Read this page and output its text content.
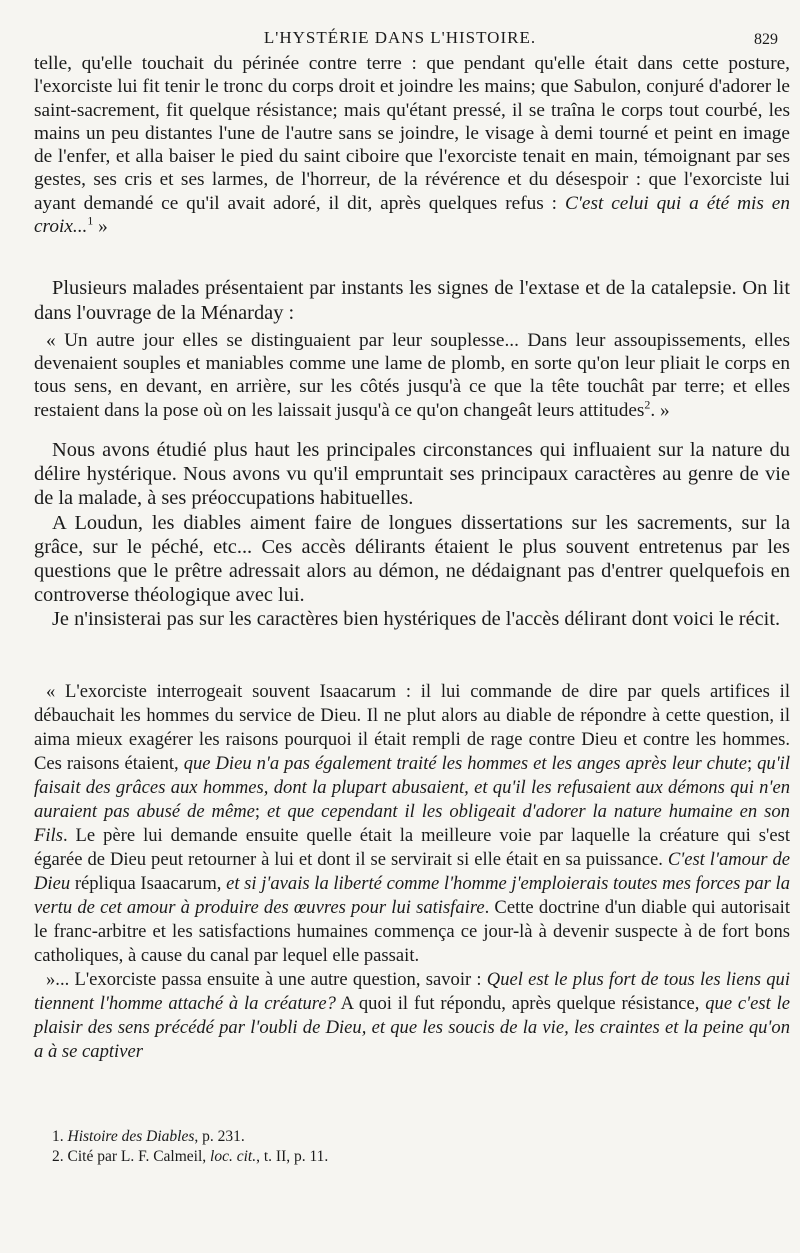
L'HYSTÉRIE DANS L'HISTOIRE.	829

telle, qu'elle touchait du périnée contre terre : que pendant qu'elle était dans cette posture, l'exorciste lui fit tenir le tronc du corps droit et joindre les mains; que Sabulon, conjuré d'adorer le saint-sacrement, fit quelque résistance; mais qu'étant pressé, il se traîna le corps tout courbé, les mains un peu distantes l'une de l'autre sans se joindre, le visage à demi tourné et peint en image de l'enfer, et alla baiser le pied du saint ciboire que l'exorciste tenait en main, témoignant par ses gestes, ses cris et ses larmes, de l'horreur, de la révérence et du désespoir : que l'exorciste lui ayant demandé ce qu'il avait adoré, il dit, après quelques refus : C'est celui qui a été mis en croix...$^1$ »

Plusieurs malades présentaient par instants les signes de l'extase et de la catalepsie. On lit dans l'ouvrage de la Ménarday :

« Un autre jour elles se distinguaient par leur souplesse... Dans leur assoupissements, elles devenaient souples et maniables comme une lame de plomb, en sorte qu'on leur pliait le corps en tous sens, en devant, en arrière, sur les côtés jusqu'à ce que la tête touchât par terre; et elles restaient dans la pose où on les laissait jusqu'à ce qu'on changeât leurs attitudes$^2$. »

Nous avons étudié plus haut les principales circonstances qui influaient sur la nature du délire hystérique. Nous avons vu qu'il empruntait ses principaux caractères au genre de vie de la malade, à ses préoccupations habituelles.

A Loudun, les diables aiment faire de longues dissertations sur les sacrements, sur la grâce, sur le péché, etc... Ces accès délirants étaient le plus souvent entretenus par les questions que le prêtre adressait alors au démon, ne dédaignant pas d'entrer quelquefois en controverse théologique avec lui.

Je n'insisterai pas sur les caractères bien hystériques de l'accès délirant dont voici le récit.

« L'exorciste interrogeait souvent Isaacarum : il lui commande de dire par quels artifices il débauchait les hommes du service de Dieu. Il ne plut alors au diable de répondre à cette question, il aima mieux exagérer les raisons pourquoi il était rempli de rage contre Dieu et contre les hommes. Ces raisons étaient, que Dieu n'a pas également traité les hommes et les anges après leur chute; qu'il faisait des grâces aux hommes, dont la plupart abusaient, et qu'il les refusaient aux démons qui n'en auraient pas abusé de même; et que cependant il les obligeait d'adorer la nature humaine en son Fils. Le père lui demande ensuite quelle était la meilleure voie par laquelle la créature qui s'est égarée de Dieu peut retourner à lui et dont il se servirait si elle était en sa puissance. C'est l'amour de Dieu répliqua Isaacarum, et si j'avais la liberté comme l'homme j'emploierais toutes mes forces par la vertu de cet amour à produire des œuvres pour lui satisfaire. Cette doctrine d'un diable qui autorisait le franc-arbitre et les satisfactions humaines commença ce jour-là à devenir suspecte à de fort bons catholiques, à cause du canal par lequel elle passait.

»... L'exorciste passa ensuite à une autre question, savoir : Quel est le plus fort de tous les liens qui tiennent l'homme attaché à la créature? A quoi il fut répondu, après quelque résistance, que c'est le plaisir des sens précédé par l'oubli de Dieu, et que les soucis de la vie, les craintes et la peine qu'on a à se captiver

1. Histoire des Diables, p. 231.

2. Cité par L. F. Calmeil, loc. cit., t. II, p. 11.
